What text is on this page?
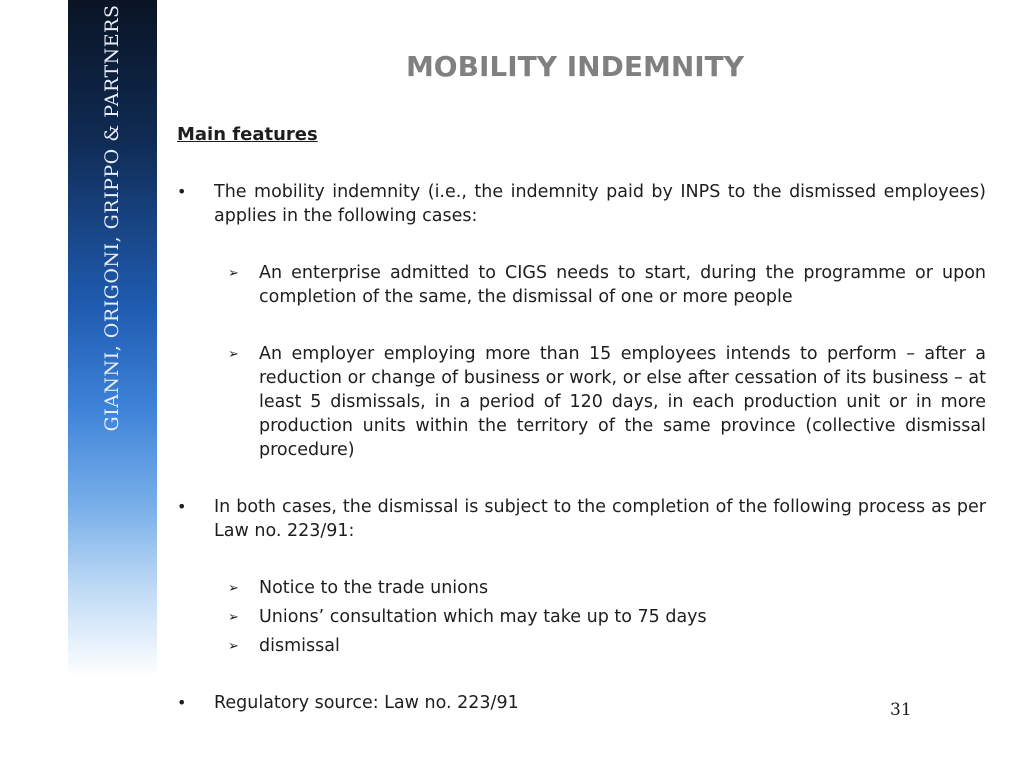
GIANNI, ORIGONI, GRIPPO & PARTNERS	MOBILITY INDEMNITY
Main features
• The mobility indemnity (i.e., the indemnity paid by INPS to the dismissed employees) applies in the following cases:
➢ An enterprise admitted to CIGS needs to start, during the programme or upon completion of the same, the dismissal of one or more people
➢ An employer employing more than 15 employees intends to perform – after a reduction or change of business or work, or else after cessation of its business – at least 5 dismissals, in a period of 120 days, in each production unit or in more production units within the territory of the same province (collective dismissal procedure)
• In both cases, the dismissal is subject to the completion of the following process as per Law no. 223/91:
➢ Notice to the trade unions
➢ Unions’ consultation which may take up to 75 days
➢ dismissal
• Regulatory source: Law no. 223/91	31
